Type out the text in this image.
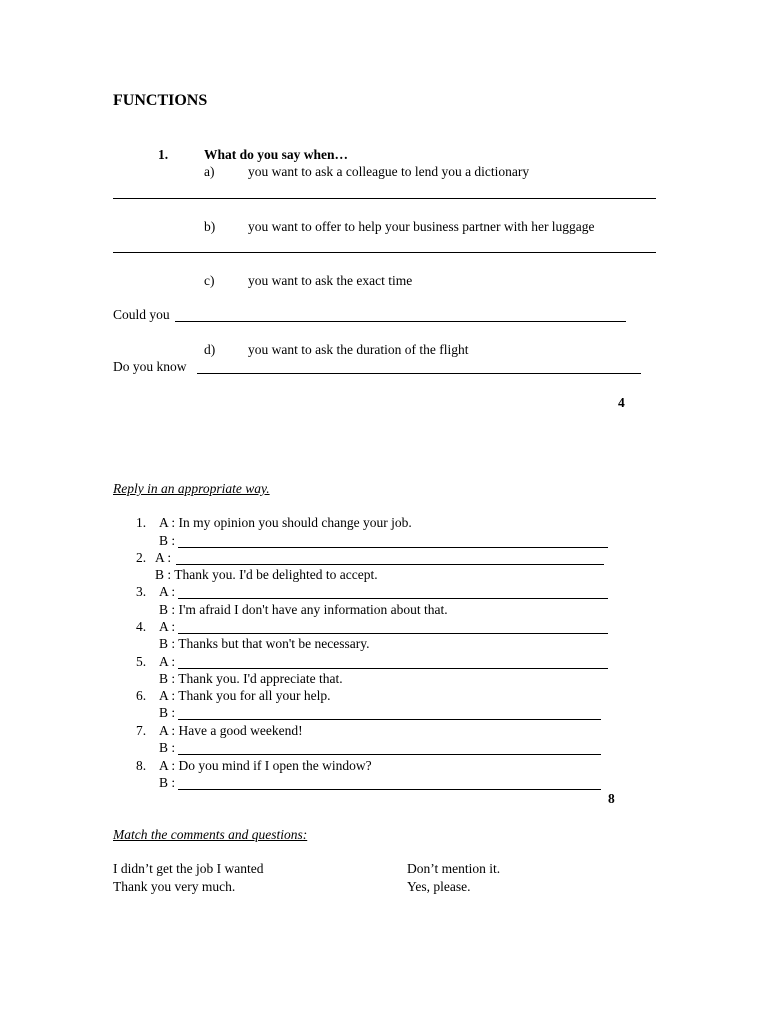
FUNCTIONS
1.	What do you say when…
a) you want to ask a colleague to lend you a dictionary
b) you want to offer to help your business partner with her luggage
c) you want to ask the exact time
Could you
d) you want to ask the duration of the flight
Do you know
4
Reply in an appropriate way.
1. A : In my opinion you should change your job.
B :
2. A :
B : Thank you. I'd be delighted to accept.
3. A :
B : I'm afraid I don't have any information about that.
4. A :
B : Thanks but that won't be necessary.
5. A :
B : Thank you. I'd appreciate that.
6. A : Thank you for all your help.
B :
7. A : Have a good weekend!
B :
8. A : Do you mind if I open the window?
B :
8
Match the comments and questions:
I didn’t get the job I wanted
Thank you very much.
Don’t mention it.
Yes, please.
